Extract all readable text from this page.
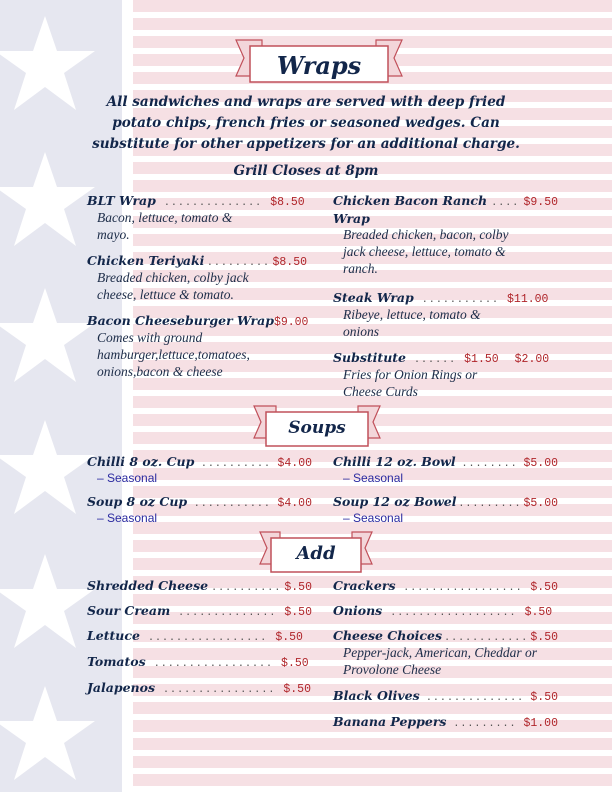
Wraps
All sandwiches and wraps are served with deep fried potato chips, french fries or seasoned wedges. Can substitute for other appetizers for an additional charge.
Grill Closes at 8pm
BLT Wrap .............. $8.50
Bacon, lettuce, tomato & mayo.
Chicken Teriyaki ......... $8.50
Breaded chicken, colby jack cheese, lettuce & tomato.
Bacon Cheeseburger Wrap $9.00
Comes with ground hamburger,lettuce,tomatoes, onions,bacon & cheese
Chicken Bacon Ranch .... $9.50
Wrap
Breaded chicken, bacon, colby jack cheese, lettuce, tomato & ranch.
Steak Wrap ........... $11.00
Ribeye, lettuce, tomato & onions
Substitute ...... $1.50 $2.00
Fries for Onion Rings or Cheese Curds
Soups
Chilli 8 oz. Cup .......... $4.00
– Seasonal
Soup 8 oz Cup ........... $4.00
– Seasonal
Chilli 12 oz. Bowl ........ $5.00
– Seasonal
Soup 12 oz Bowel ......... $5.00
– Seasonal
Add
Shredded Cheese .......... $.50
Sour Cream .............. $.50
Lettuce ................. $.50
Tomatos ................. $.50
Jalapenos ................ $.50
Crackers ................. $.50
Onions .................. $.50
Cheese Choices ............ $.50
Pepper-jack, American, Cheddar or Provolone Cheese
Black Olives .............. $.50
Banana Peppers ......... $1.00
